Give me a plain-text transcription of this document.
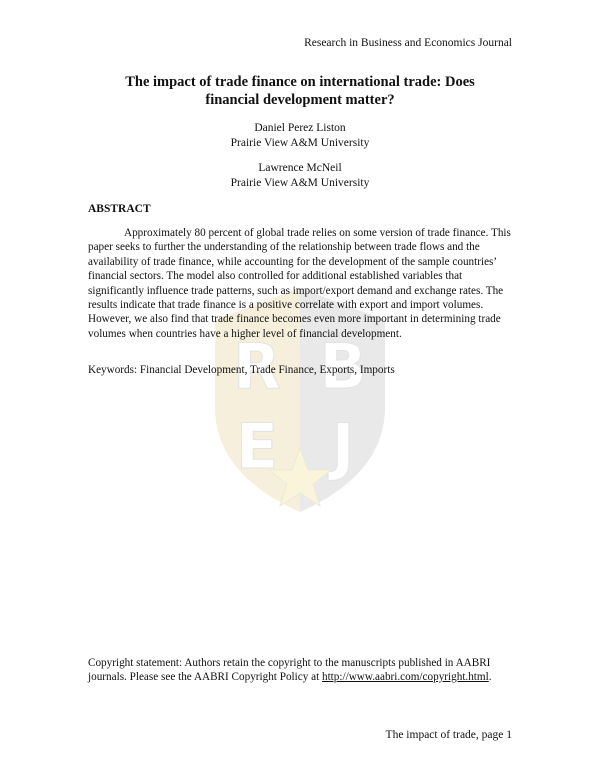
R B
E J
Research in Business and Economics Journal
The impact of trade finance on international trade: Does financial development matter?
Daniel Perez Liston
Prairie View A&M University
Lawrence McNeil
Prairie View A&M University
ABSTRACT

Approximately 80 percent of global trade relies on some version of trade finance. This paper seeks to further the understanding of the relationship between trade flows and the availability of trade finance, while accounting for the development of the sample countries’ financial sectors. The model also controlled for additional established variables that significantly influence trade patterns, such as import/export demand and exchange rates. The results indicate that trade finance is a positive correlate with export and import volumes. However, we also find that trade finance becomes even more important in determining trade volumes when countries have a higher level of financial development.

Keywords: Financial Development, Trade Finance, Exports, Imports
Copyright statement: Authors retain the copyright to the manuscripts published in AABRI journals. Please see the AABRI Copyright Policy at http://www.aabri.com/copyright.html.
The impact of trade, page 1
